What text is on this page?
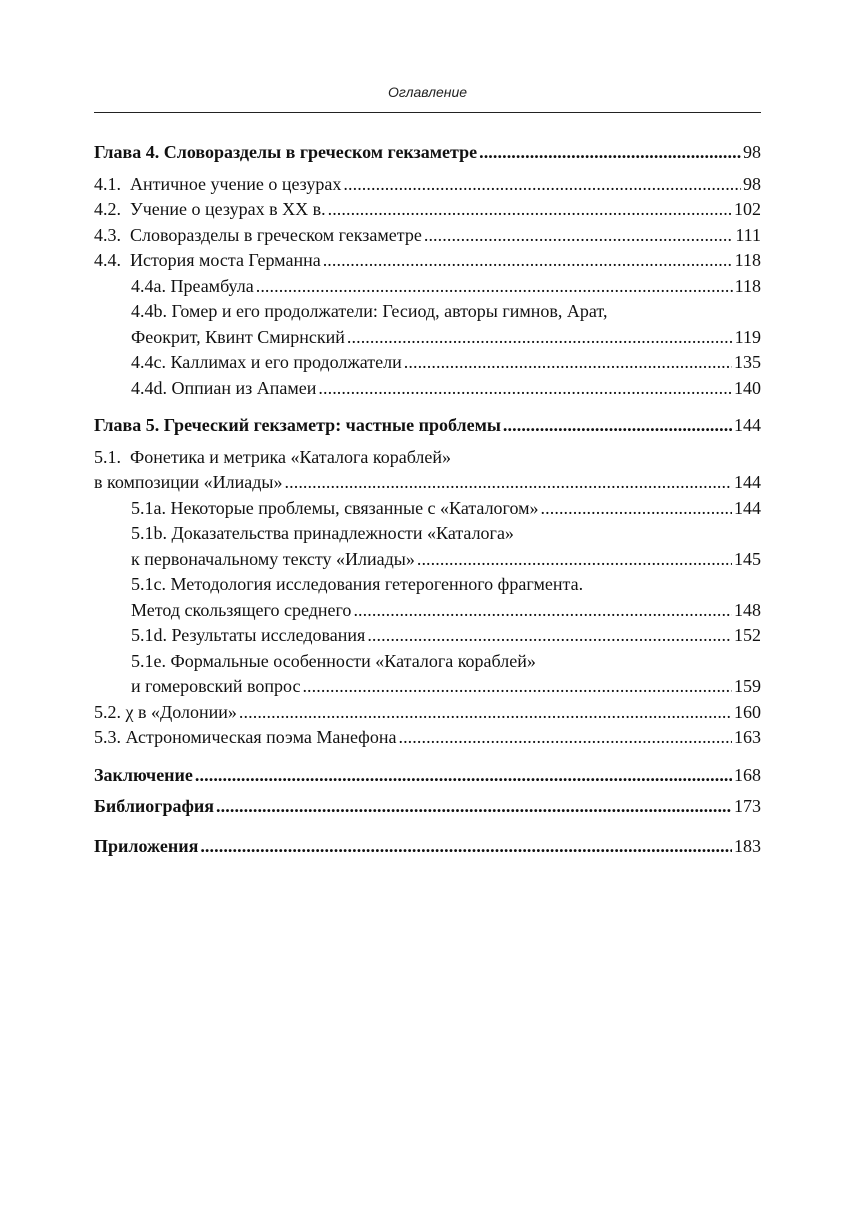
Оглавление
Глава 4. Словоразделы в греческом гекзаметре . . .	98
4.1. Античное учение о цезурах . . .	98
4.2. Учение о цезурах в XX в. . . .	102
4.3. Словоразделы в греческом гекзаметре . . .	111
4.4. История моста Германна . . .	118
4.4a. Преамбула . . .	118
4.4b. Гомер и его продолжатели: Гесиод, авторы гимнов, Арат,
Феокрит, Квинт Смирнский . . .	119
4.4c. Каллимах и его продолжатели . . .	135
4.4d. Оппиан из Апамеи . . .	140
Глава 5. Греческий гекзаметр: частные проблемы . . .	144
5.1.  Фонетика и метрика «Каталога кораблей»
в композиции «Илиады» . . .	144
5.1a. Некоторые проблемы, связанные с «Каталогом» . . .	144
5.1b. Доказательства принадлежности «Каталога»
к первоначальному тексту «Илиады» . . .	145
5.1c. Методология исследования гетерогенного фрагмента.
Метод скользящего среднего . . .	148
5.1d. Результаты исследования . . .	152
5.1e. Формальные особенности «Каталога кораблей»
и гомеровский вопрос . . .	159
5.2. χ в «Долонии» . . .	160
5.3. Астрономическая поэма Манефона . . .	163
Заключение . . .	168
Библиография . . .	173
Приложения . . .	183
